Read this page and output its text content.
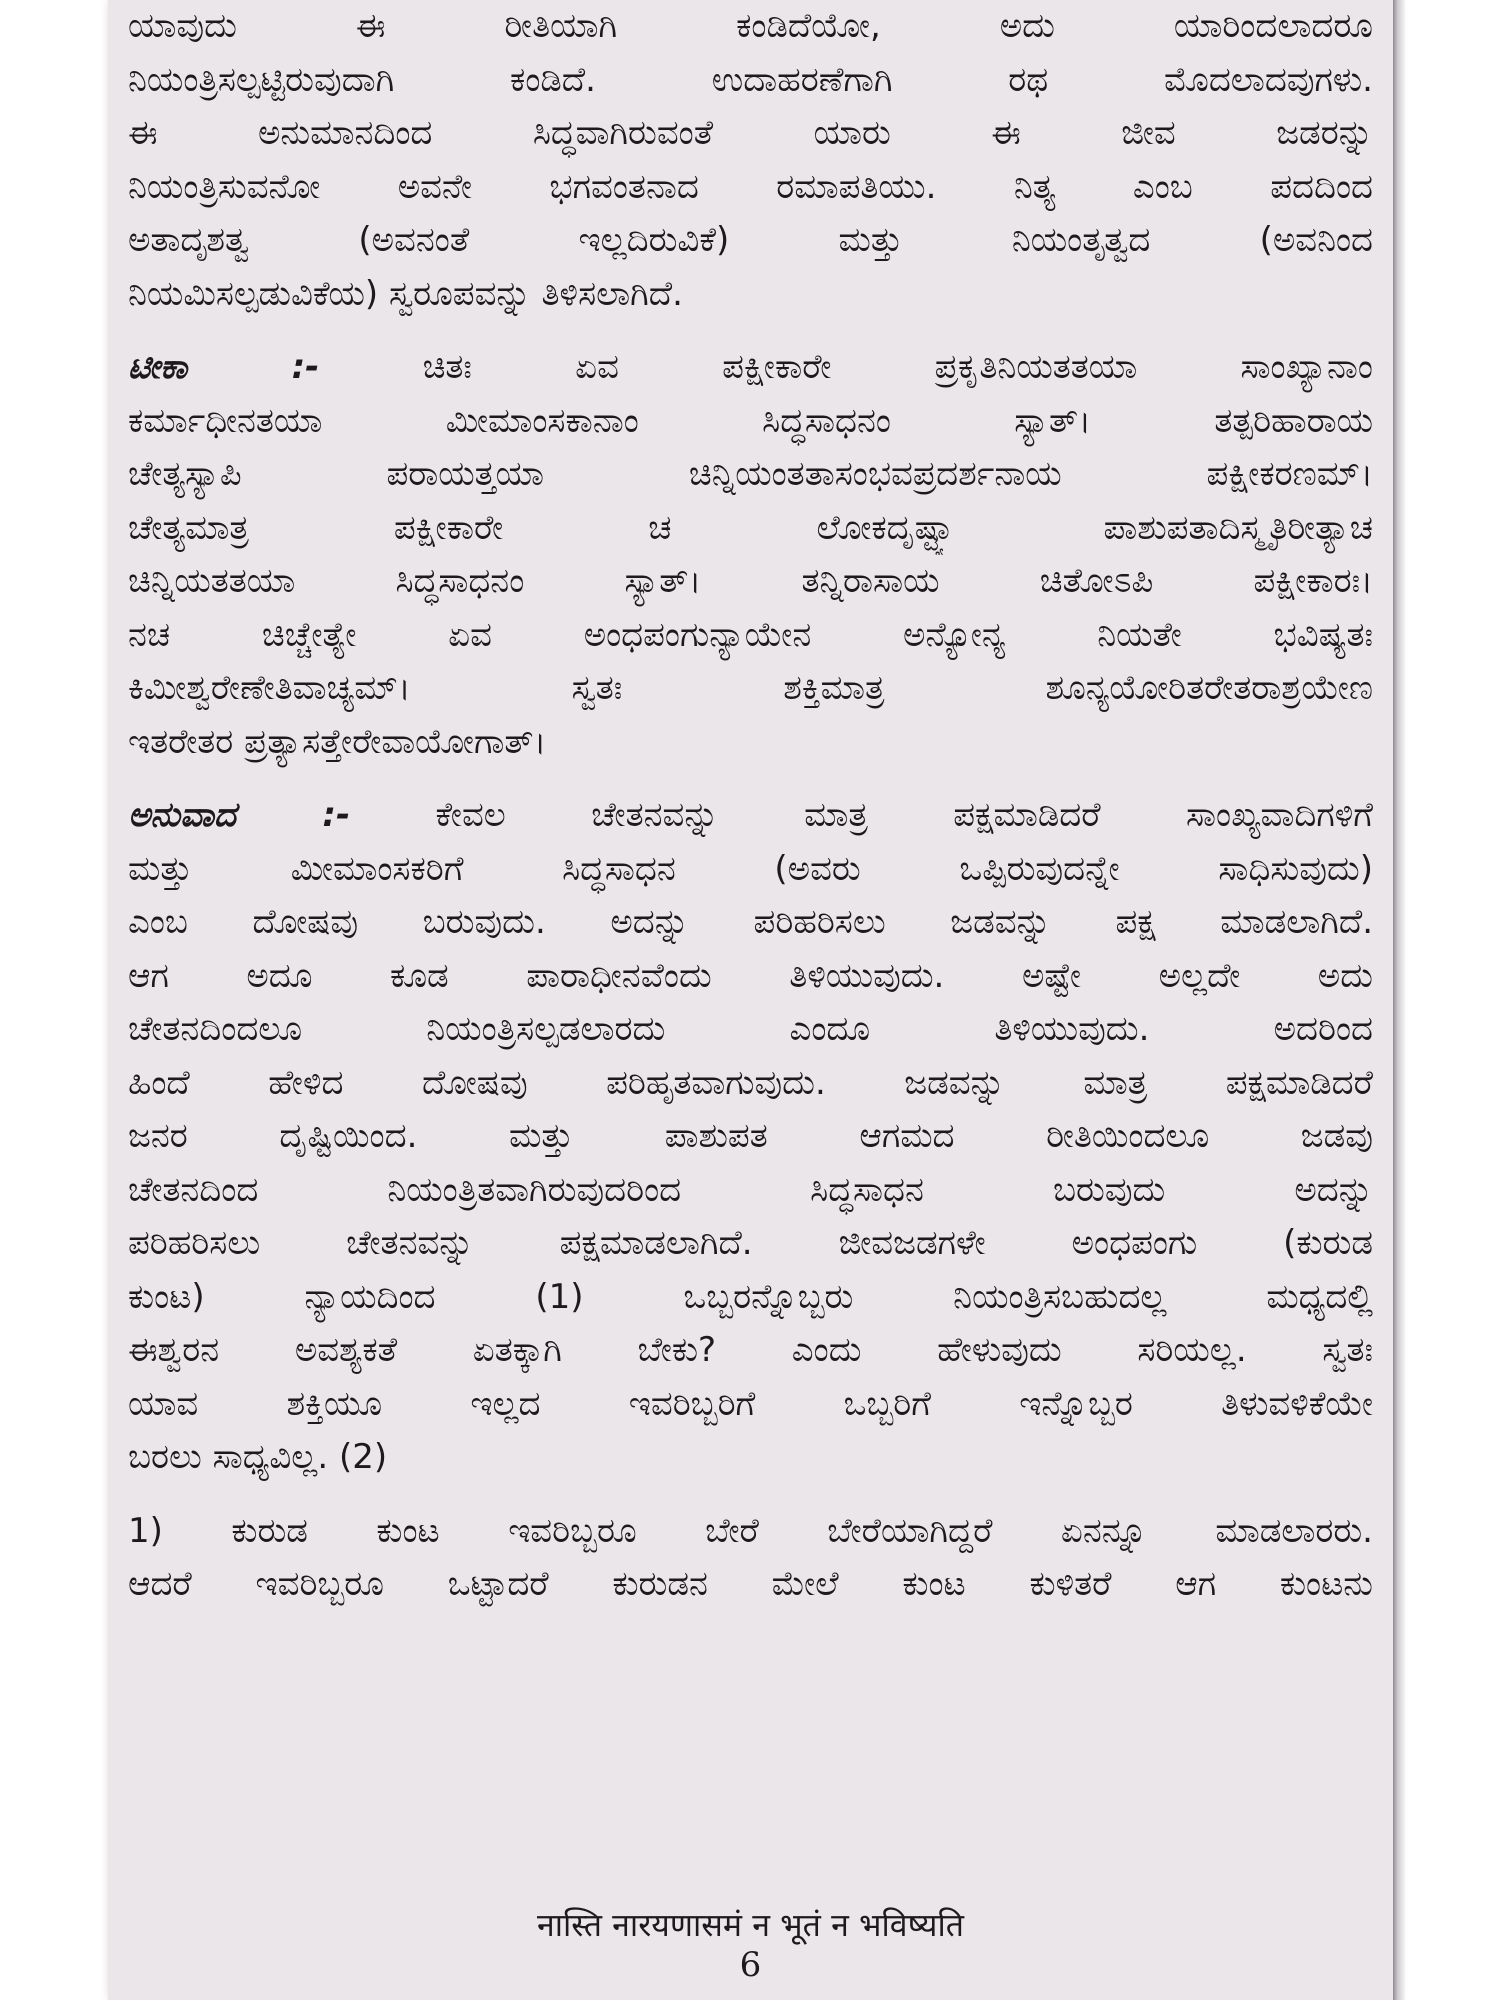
ಯಾವುದು ಈ ರೀತಿಯಾಗಿ ಕಂಡಿದೆಯೋ, ಅದು ಯಾರಿಂದಲಾದರೂ
ನಿಯಂತ್ರಿಸಲ್ಪಟ್ಟಿರುವುದಾಗಿ ಕಂಡಿದೆ. ಉದಾಹರಣೆಗಾಗಿ ರಥ ಮೊದಲಾದವುಗಳು.
ಈ ಅನುಮಾನದಿಂದ ಸಿದ್ಧವಾಗಿರುವಂತೆ ಯಾರು ಈ ಜೀವ ಜಡರನ್ನು
ನಿಯಂತ್ರಿಸುವನೋ ಅವನೇ ಭಗವಂತನಾದ ರಮಾಪತಿಯು. ನಿತ್ಯ ಎಂಬ ಪದದಿಂದ
ಅತಾದೃಶತ್ವ (ಅವನಂತೆ ಇಲ್ಲದಿರುವಿಕೆ) ಮತ್ತು ನಿಯಂತೃತ್ವದ (ಅವನಿಂದ
ನಿಯಮಿಸಲ್ಪಡುವಿಕೆಯ) ಸ್ವರೂಪವನ್ನು ತಿಳಿಸಲಾಗಿದೆ.
ಟೀಕಾ :-	ಚಿತಃ ಏವ ಪಕ್ಷೀಕಾರೇ ಪ್ರಕೃತಿನಿಯತತಯಾ ಸಾಂಖ್ಯಾನಾಂ
ಕರ್ಮಾಧೀನತಯಾ ಮೀಮಾಂಸಕಾನಾಂ ಸಿದ್ಧಸಾಧನಂ ಸ್ಯಾತ್। ತತ್ಪರಿಹಾರಾಯ
ಚೇತ್ಯಸ್ಯಾಪಿ ಪರಾಯತ್ತಯಾ ಚಿನ್ನಿಯಂತತಾಸಂಭವಪ್ರದರ್ಶನಾಯ ಪಕ್ಷೀಕರಣಮ್।
ಚೇತ್ಯಮಾತ್ರ ಪಕ್ಷೀಕಾರೇ ಚ ಲೋಕದೃಷ್ಟ್ಯಾ ಪಾಶುಪತಾದಿಸ್ಮೃತಿರೀತ್ಯಾಚ
ಚಿನ್ನಿಯತತಯಾ ಸಿದ್ಧಸಾಧನಂ ಸ್ಯಾತ್। ತನ್ನಿರಾಸಾಯ ಚಿತೋಽಪಿ ಪಕ್ಷೀಕಾರಃ।
ನಚ ಚಿಚ್ಚೇತ್ಯೇ ಏವ ಅಂಧಪಂಗುನ್ಯಾಯೇನ ಅನ್ಯೋನ್ಯ ನಿಯತೇ ಭವಿಷ್ಯತಃ
ಕಿಮೀಶ್ವರೇಣೇತಿವಾಚ್ಯಮ್। ಸ್ವತಃ ಶಕ್ತಿಮಾತ್ರ ಶೂನ್ಯಯೋರಿತರೇತರಾಶ್ರಯೇಣ
ಇತರೇತರ ಪ್ರತ್ಯಾಸತ್ತೇರೇವಾಯೋಗಾತ್।
ಅನುವಾದ :-	ಕೇವಲ ಚೇತನವನ್ನು ಮಾತ್ರ ಪಕ್ಷಮಾಡಿದರೆ ಸಾಂಖ್ಯವಾದಿಗಳಿಗೆ
ಮತ್ತು ಮೀಮಾಂಸಕರಿಗೆ ಸಿದ್ಧಸಾಧನ (ಅವರು ಒಪ್ಪಿರುವುದನ್ನೇ ಸಾಧಿಸುವುದು)
ಎಂಬ ದೋಷವು ಬರುವುದು. ಅದನ್ನು ಪರಿಹರಿಸಲು ಜಡವನ್ನು ಪಕ್ಷ ಮಾಡಲಾಗಿದೆ.
ಆಗ ಅದೂ ಕೂಡ ಪಾರಾಧೀನವೆಂದು ತಿಳಿಯುವುದು. ಅಷ್ಟೇ ಅಲ್ಲದೇ ಅದು
ಚೇತನದಿಂದಲೂ ನಿಯಂತ್ರಿಸಲ್ಪಡಲಾರದು ಎಂದೂ ತಿಳಿಯುವುದು. ಅದರಿಂದ
ಹಿಂದೆ ಹೇಳಿದ ದೋಷವು ಪರಿಹೃತವಾಗುವುದು. ಜಡವನ್ನು ಮಾತ್ರ ಪಕ್ಷಮಾಡಿದರೆ
ಜನರ ದೃಷ್ಟಿಯಿಂದ. ಮತ್ತು ಪಾಶುಪತ ಆಗಮದ ರೀತಿಯಿಂದಲೂ ಜಡವು
ಚೇತನದಿಂದ ನಿಯಂತ್ರಿತವಾಗಿರುವುದರಿಂದ ಸಿದ್ಧಸಾಧನ ಬರುವುದು ಅದನ್ನು
ಪರಿಹರಿಸಲು ಚೇತನವನ್ನು ಪಕ್ಷಮಾಡಲಾಗಿದೆ. ಜೀವಜಡಗಳೇ ಅಂಧಪಂಗು (ಕುರುಡ
ಕುಂಟ) ನ್ಯಾಯದಿಂದ (1) ಒಬ್ಬರನ್ನೊಬ್ಬರು ನಿಯಂತ್ರಿಸಬಹುದಲ್ಲ ಮಧ್ಯದಲ್ಲಿ
ಈಶ್ವರನ ಅವಶ್ಯಕತೆ ಏತಕ್ಕಾಗಿ ಬೇಕು? ಎಂದು ಹೇಳುವುದು ಸರಿಯಲ್ಲ. ಸ್ವತಃ
ಯಾವ ಶಕ್ತಿಯೂ ಇಲ್ಲದ ಇವರಿಬ್ಬರಿಗೆ ಒಬ್ಬರಿಗೆ ಇನ್ನೊಬ್ಬರ ತಿಳುವಳಿಕೆಯೇ
ಬರಲು ಸಾಧ್ಯವಿಲ್ಲ. (2)
1) ಕುರುಡ ಕುಂಟ ಇವರಿಬ್ಬರೂ ಬೇರೆ ಬೇರೆಯಾಗಿದ್ದರೆ ಏನನ್ನೂ ಮಾಡಲಾರರು.
ಆದರೆ ಇವರಿಬ್ಬರೂ ಒಟ್ಟಾದರೆ ಕುರುಡನ ಮೇಲೆ ಕುಂಟ ಕುಳಿತರೆ ಆಗ ಕುಂಟನು
नास्ति नारयणासमं न भूतं न भविष्यति
6
